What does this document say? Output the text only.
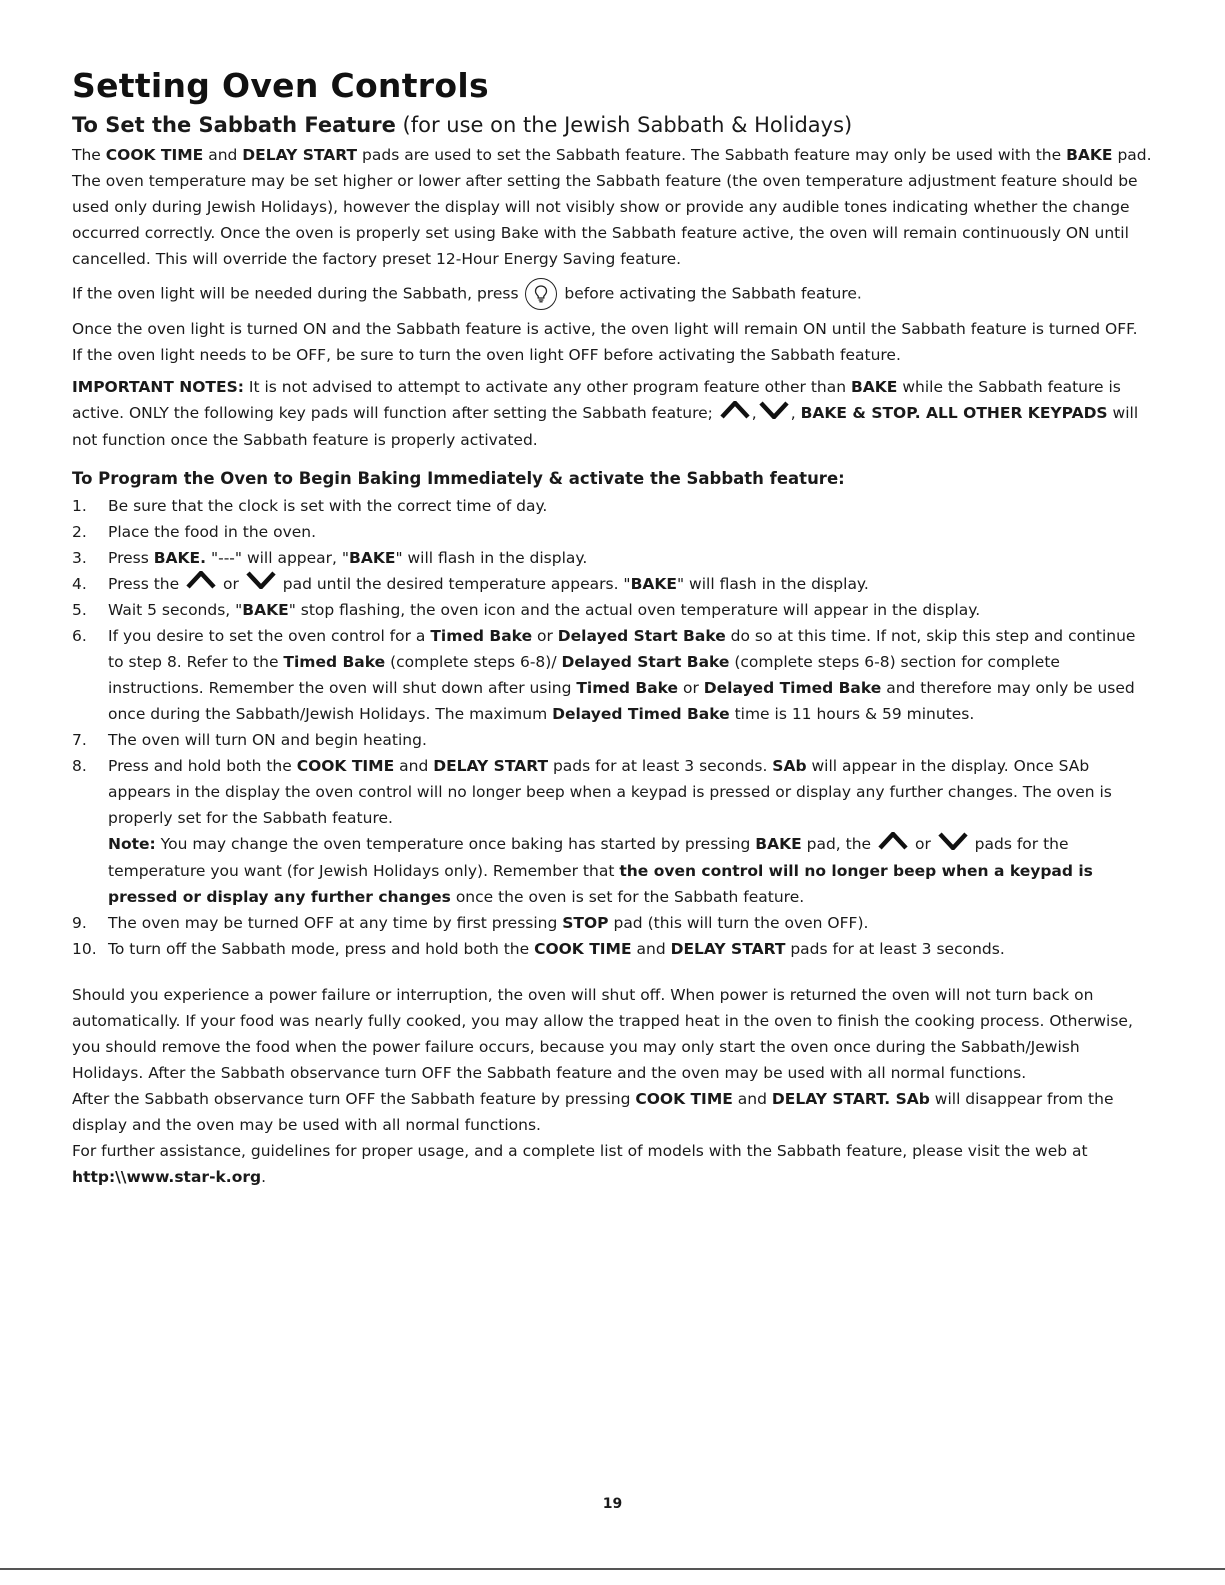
Setting Oven Controls
To Set the Sabbath Feature (for use on the Jewish Sabbath & Holidays)

The COOK TIME and DELAY START pads are used to set the Sabbath feature. The Sabbath feature may only be used with the BAKE pad. The oven temperature may be set higher or lower after setting the Sabbath feature (the oven temperature adjustment feature should be used only during Jewish Holidays), however the display will not visibly show or provide any audible tones indicating whether the change occurred correctly. Once the oven is properly set using Bake with the Sabbath feature active, the oven will remain continuously ON until cancelled. This will override the factory preset 12-Hour Energy Saving feature.

If the oven light will be needed during the Sabbath, press
before activating the Sabbath feature.

Once the oven light is turned ON and the Sabbath feature is active, the oven light will remain ON until the Sabbath feature is turned OFF. If the oven light needs to be OFF, be sure to turn the oven light OFF before activating the Sabbath feature.

IMPORTANT NOTES: It is not advised to attempt to activate any other program feature other than BAKE while the Sabbath feature is active. ONLY the following key pads will function after setting the Sabbath feature; , , BAKE & STOP. ALL OTHER KEYPADS will not function once the Sabbath feature is properly activated.

To Program the Oven to Begin Baking Immediately & activate the Sabbath feature:
1. Be sure that the clock is set with the correct time of day.
2. Place the food in the oven.
3. Press BAKE. "---" will appear, "BAKE" will flash in the display.
4. Press the  or  pad until the desired temperature appears. "BAKE" will flash in the display.
5. Wait 5 seconds, "BAKE" stop flashing, the oven icon and the actual oven temperature will appear in the display.
6. If you desire to set the oven control for a Timed Bake or Delayed Start Bake do so at this time. If not, skip this step and continue to step 8. Refer to the Timed Bake (complete steps 6-8)/ Delayed Start Bake (complete steps 6-8) section for complete instructions. Remember the oven will shut down after using Timed Bake or Delayed Timed Bake and therefore may only be used once during the Sabbath/Jewish Holidays. The maximum Delayed Timed Bake time is 11 hours & 59 minutes.
7. The oven will turn ON and begin heating.
8. Press and hold both the COOK TIME and DELAY START pads for at least 3 seconds. SAb will appear in the display. Once SAb appears in the display the oven control will no longer beep when a keypad is pressed or display any further changes. The oven is properly set for the Sabbath feature.
Note: You may change the oven temperature once baking has started by pressing BAKE pad, the  or  pads for the temperature you want (for Jewish Holidays only). Remember that the oven control will no longer beep when a keypad is pressed or display any further changes once the oven is set for the Sabbath feature.
9. The oven may be turned OFF at any time by first pressing STOP pad (this will turn the oven OFF).
10. To turn off the Sabbath mode, press and hold both the COOK TIME and DELAY START pads for at least 3 seconds.

Should you experience a power failure or interruption, the oven will shut off. When power is returned the oven will not turn back on automatically. If your food was nearly fully cooked, you may allow the trapped heat in the oven to finish the cooking process. Otherwise, you should remove the food when the power failure occurs, because you may only start the oven once during the Sabbath/Jewish Holidays. After the Sabbath observance turn OFF the Sabbath feature and the oven may be used with all normal functions.

After the Sabbath observance turn OFF the Sabbath feature by pressing COOK TIME and DELAY START. SAb will disappear from the display and the oven may be used with all normal functions.

For further assistance, guidelines for proper usage, and a complete list of models with the Sabbath feature, please visit the web at http:\\www.star-k.org.

19
